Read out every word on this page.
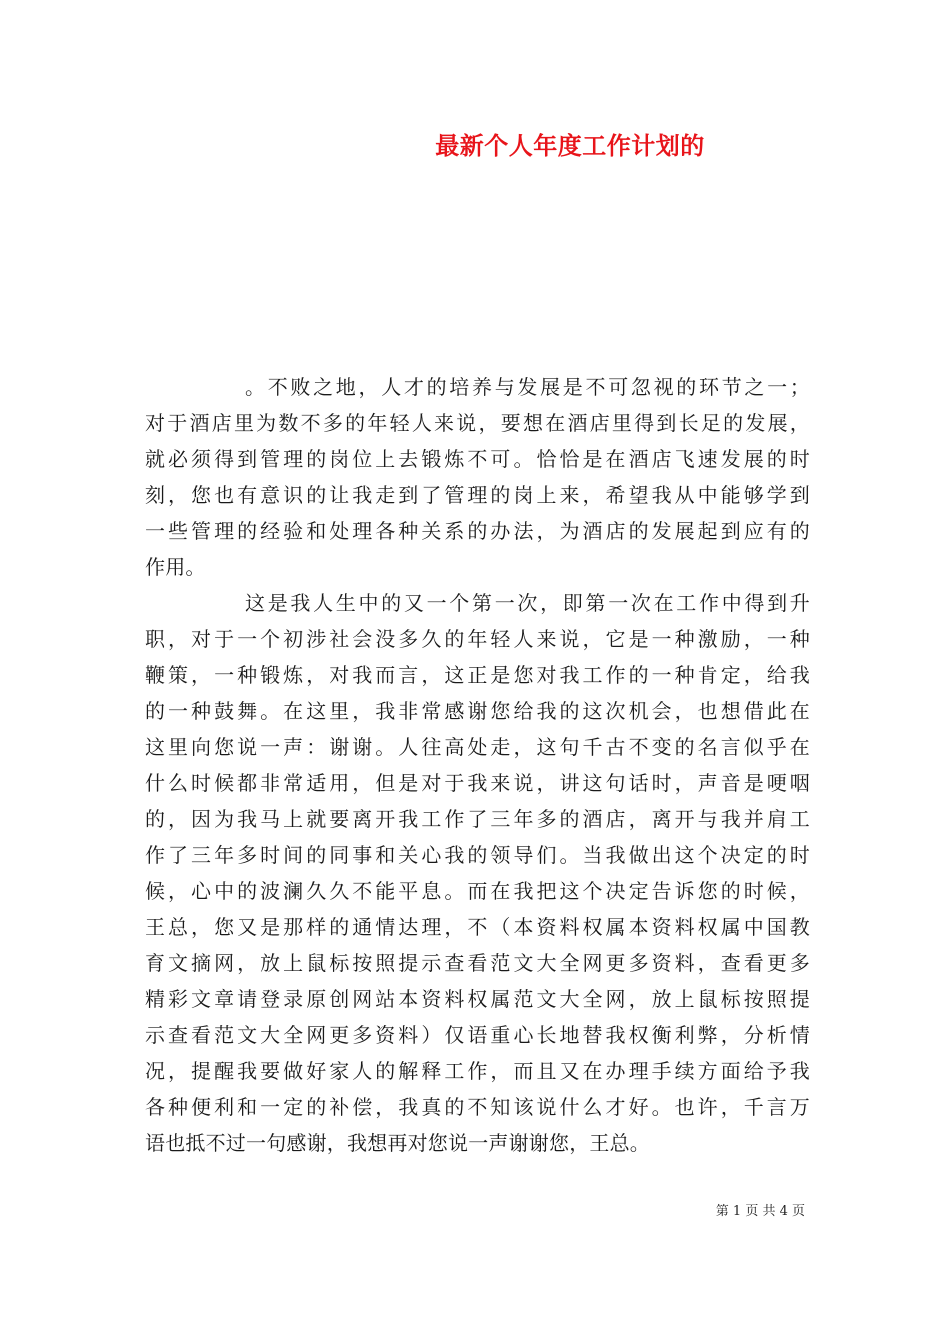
最新个人年度工作计划的
。不败之地，人才的培养与发展是不可忽视的环节之一；
对于酒店里为数不多的年轻人来说，要想在酒店里得到长足的发展，
就必须得到管理的岗位上去锻炼不可。恰恰是在酒店飞速发展的时
刻，您也有意识的让我走到了管理的岗上来，希望我从中能够学到
一些管理的经验和处理各种关系的办法，为酒店的发展起到应有的
作用。
这是我人生中的又一个第一次，即第一次在工作中得到升
职，对于一个初涉社会没多久的年轻人来说，它是一种激励，一种
鞭策，一种锻炼，对我而言，这正是您对我工作的一种肯定，给我
的一种鼓舞。在这里，我非常感谢您给我的这次机会，也想借此在
这里向您说一声：谢谢。人往高处走，这句千古不变的名言似乎在
什么时候都非常适用，但是对于我来说，讲这句话时，声音是哽咽
的，因为我马上就要离开我工作了三年多的酒店，离开与我并肩工
作了三年多时间的同事和关心我的领导们。当我做出这个决定的时
候，心中的波澜久久不能平息。而在我把这个决定告诉您的时候，
王总，您又是那样的通情达理，不（本资料权属本资料权属中国教
育文摘网，放上鼠标按照提示查看范文大全网更多资料，查看更多
精彩文章请登录原创网站本资料权属范文大全网，放上鼠标按照提
示查看范文大全网更多资料）仅语重心长地替我权衡利弊，分析情
况，提醒我要做好家人的解释工作，而且又在办理手续方面给予我
各种便利和一定的补偿，我真的不知该说什么才好。也许，千言万
语也抵不过一句感谢，我想再对您说一声谢谢您，王总。
第 1 页 共 4 页
